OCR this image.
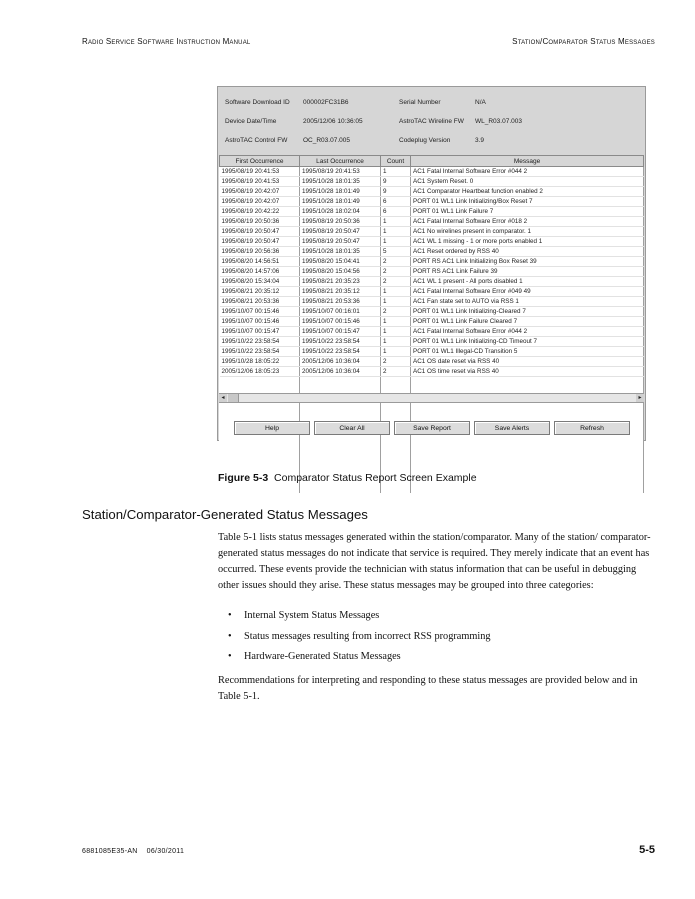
Radio Service Software Instruction Manual	Station/Comparator Status Messages
Software Download ID 000002FC31B6
Device Date/Time	2005/12/06 10:36:05
AstroTAC Control FW OC_R03.07.005
Serial Number	N/A
AstroTAC Wireline FW WL_R03.07.003
Codeplug Version	3.9
First Occurrence	Last Occurrence	Count	Message
1995/08/19 20:41:53	1995/08/19 20:41:53	1	AC1 Fatal Internal Software Error #044 2
1995/08/19 20:41:53	1995/10/28 18:01:35	9	AC1 System Reset. 0
1995/08/19 20:42:07	1995/10/28 18:01:49	9	AC1 Comparator Heartbeat function enabled 2
1995/08/19 20:42:07	1995/10/28 18:01:49	6	PORT 01 WL1 Link Initializing/Box Reset 7
1995/08/19 20:42:22	1995/10/28 18:02:04	6	PORT 01 WL1 Link Failure 7
1995/08/19 20:50:36	1995/08/19 20:50:36	1	AC1 Fatal Internal Software Error #018 2
1995/08/19 20:50:47	1995/08/19 20:50:47	1	AC1 No wirelines present in comparator. 1
1995/08/19 20:50:47	1995/08/19 20:50:47	1	AC1 WL 1 missing - 1 or more ports enabled 1
1995/08/19 20:56:36	1995/10/28 18:01:35	5	AC1 Reset ordered by RSS 40
1995/08/20 14:56:51	1995/08/20 15:04:41	2	PORT RS AC1 Link Initializing Box Reset 39
1995/08/20 14:57:06	1995/08/20 15:04:56	2	PORT RS AC1 Link Failure 39
1995/08/20 15:34:04	1995/08/21 20:35:23	2	AC1 WL 1 present - All ports disabled 1
1995/08/21 20:35:12	1995/08/21 20:35:12	1	AC1 Fatal Internal Software Error #049 49
1995/08/21 20:53:36	1995/08/21 20:53:36	1	AC1 Fan state set to AUTO via RSS 1
1995/10/07 00:15:46	1995/10/07 00:16:01	2	PORT 01 WL1 Link Initializing-Cleared 7
1995/10/07 00:15:46	1995/10/07 00:15:46	1	PORT 01 WL1 Link Failure Cleared 7
1995/10/07 00:15:47	1995/10/07 00:15:47	1	AC1 Fatal Internal Software Error #044 2
1995/10/22 23:58:54	1995/10/22 23:58:54	1	PORT 01 WL1 Link Initializing-CD Timeout 7
1995/10/22 23:58:54	1995/10/22 23:58:54	1	PORT 01 WL1 Illegal-CD Transition 5
1995/10/28 18:05:22	2005/12/06 10:36:04	2	AC1 OS date reset via RSS 40
2005/12/06 18:05:23	2005/12/06 10:36:04	2	AC1 OS time reset via RSS 40

◂	▸
Help	Clear All	Save Report	Save Alerts	Refresh
Figure 5-3 Comparator Status Report Screen Example
Station/Comparator-Generated Status Messages

Table 5-1 lists status messages generated within the station/comparator. Many of the station/ comparator-generated status messages do not indicate that service is required. They merely indicate that an event has occurred. These events provide the technician with status information that can be useful in debugging other issues should they arise. These status messages may be grouped into three categories:

• Internal System Status Messages
• Status messages resulting from incorrect RSS programming
• Hardware-Generated Status Messages

Recommendations for interpreting and responding to these status messages are provided below and in Table 5-1.

6881085E35-AN 06/30/2011	5-5
